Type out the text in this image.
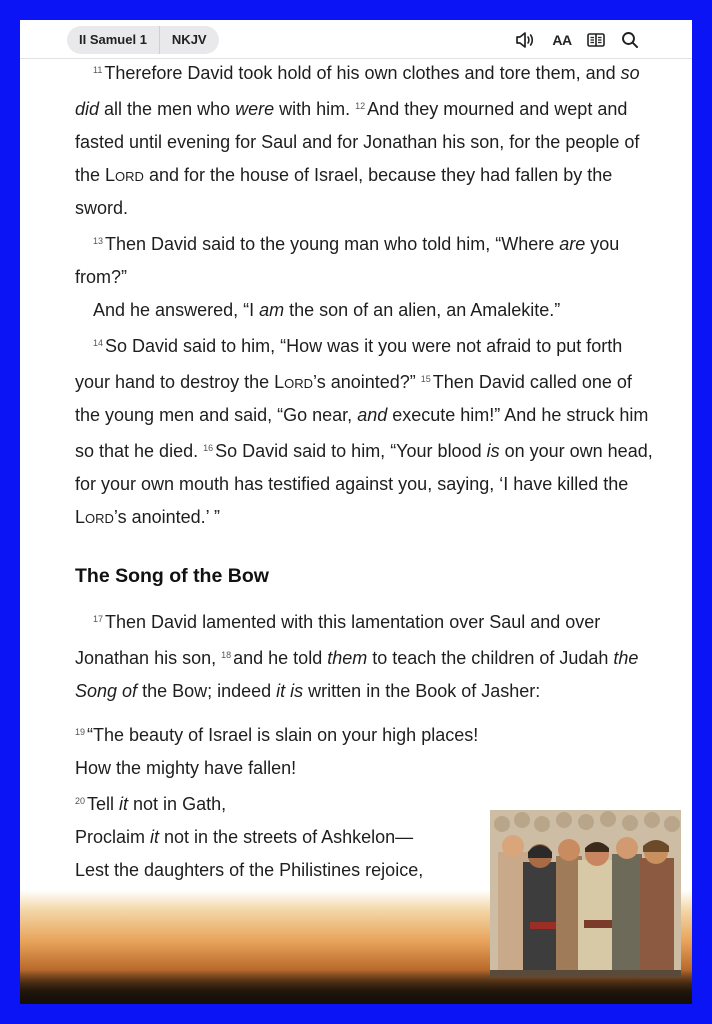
II Samuel 1	NKJV	AA

$^{11}$ Therefore David took hold of his own clothes and tore them, and so did all the men who were with him. $^{12}$ And they mourned and wept and fasted until evening for Saul and for Jonathan his son, for the people of the Lord and for the house of Israel, because they had fallen by the sword.

$^{13}$ Then David said to the young man who told him, “Where are you from?”

And he answered, “I am the son of an alien, an Amalekite.”

$^{14}$ So David said to him, “How was it you were not afraid to put forth your hand to destroy the Lord’s anointed?” $^{15}$ Then David called one of the young men and said, “Go near, and execute him!” And he struck him so that he died. $^{16}$ So David said to him, “Your blood is on your own head, for your own mouth has testified against you, saying, ‘I have killed the Lord’s anointed.’ ”

The Song of the Bow

$^{17}$ Then David lamented with this lamentation over Saul and over Jonathan his son, $^{18}$ and he told them to teach the children of Judah the Song of the Bow; indeed it is written in the Book of Jasher:

$^{19}$ “The beauty of Israel is slain on your high places!

How the mighty have fallen!

$^{20}$ Tell it not in Gath,

Proclaim it not in the streets of Ashkelon—

Lest the daughters of the Philistines rejoice,
